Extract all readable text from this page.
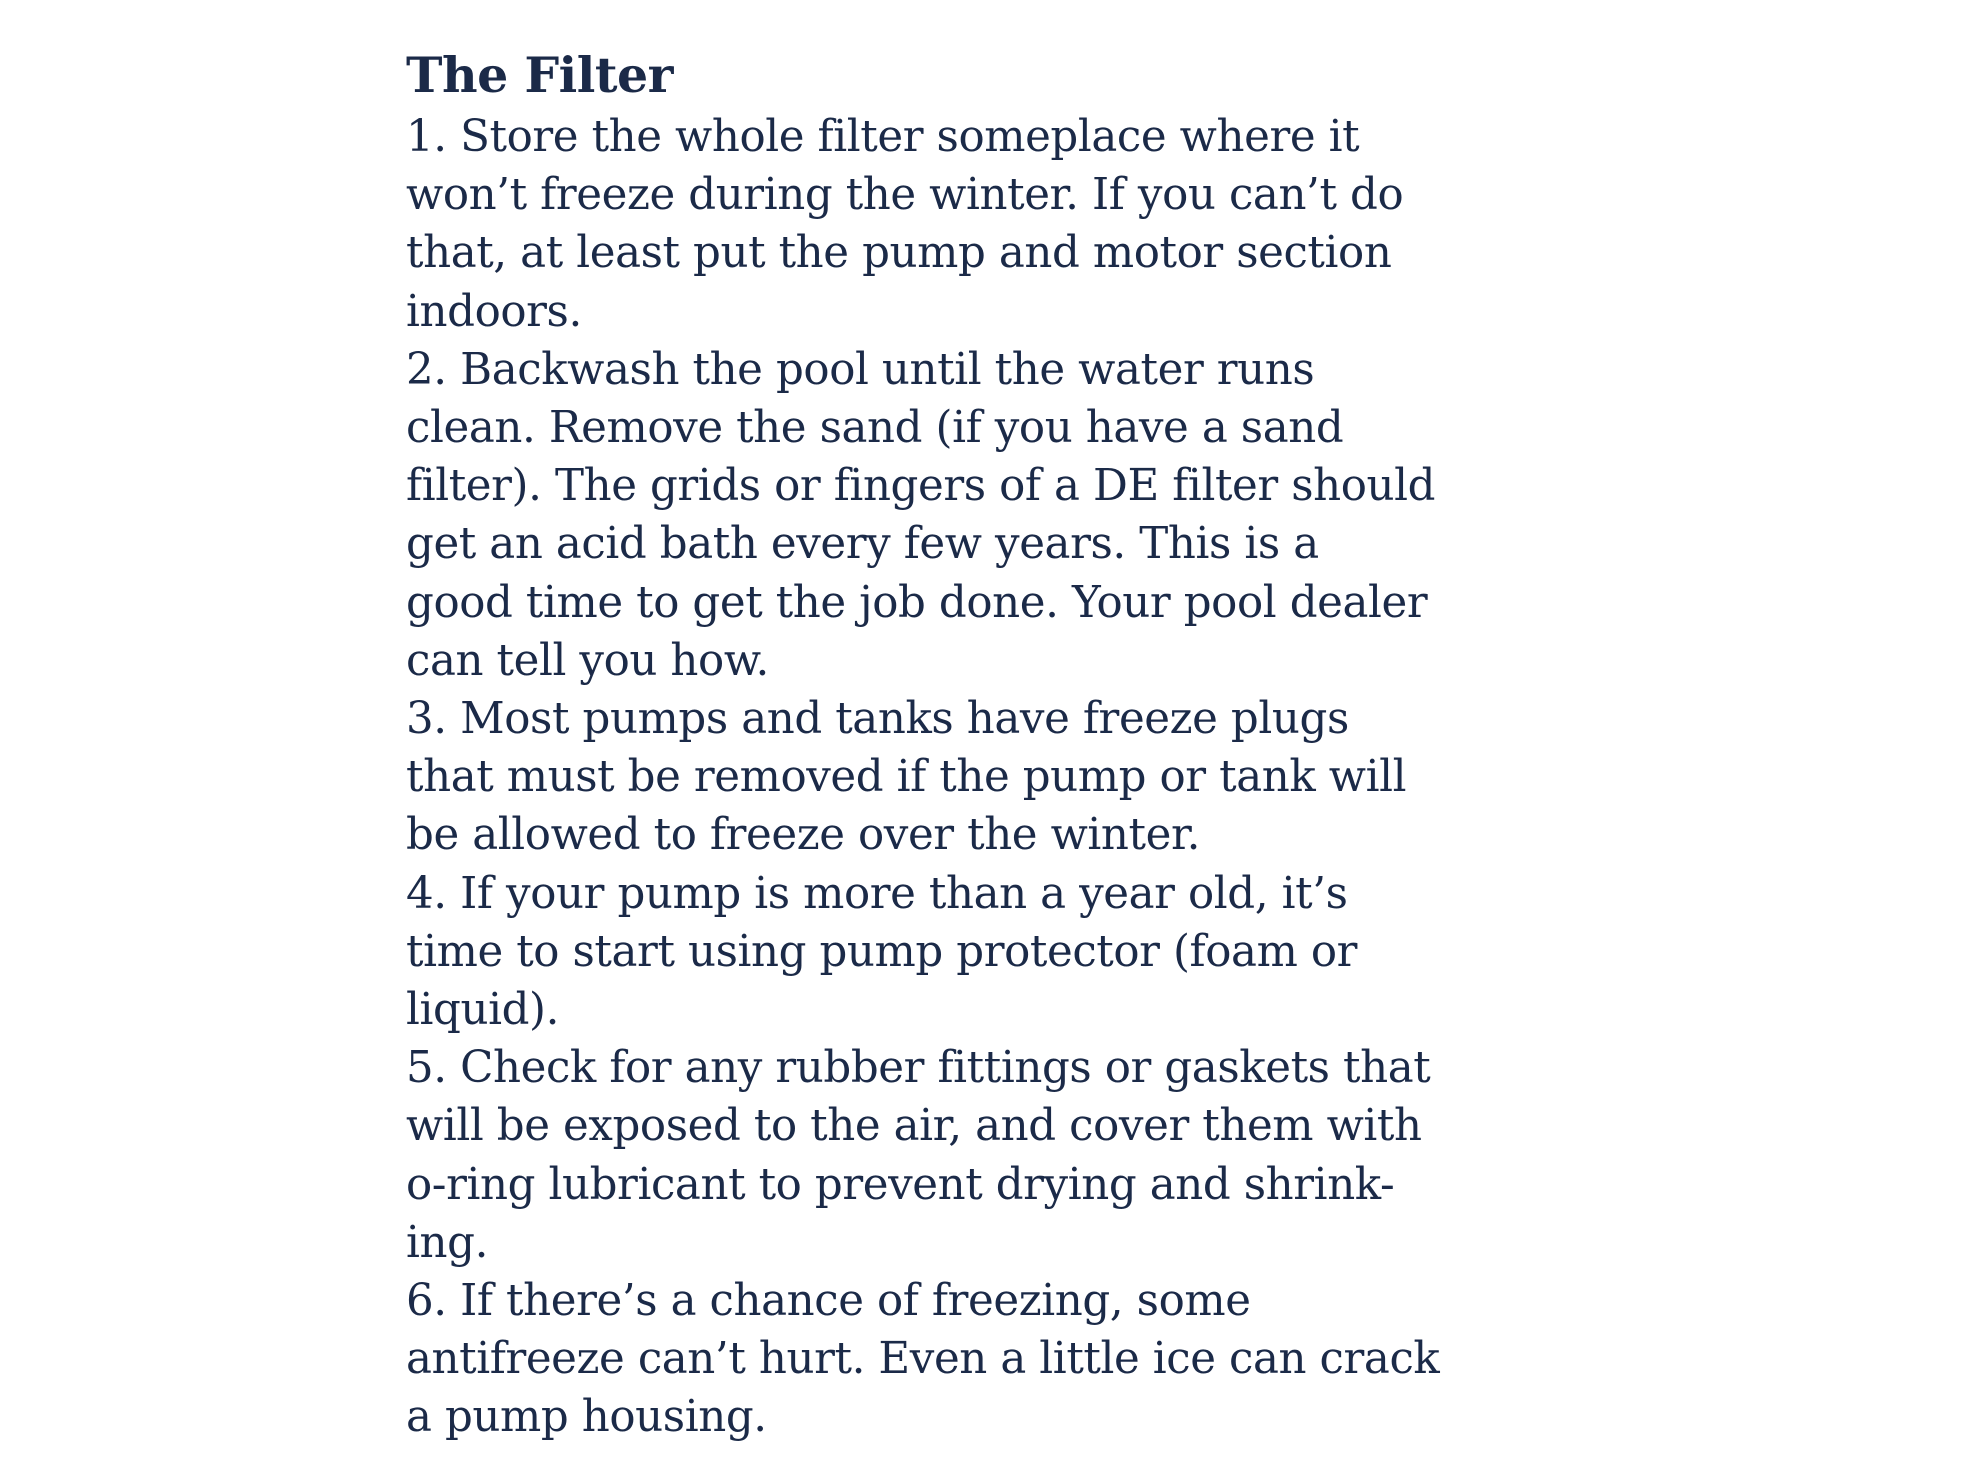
The Filter
1. Store the whole filter someplace where it
won’t freeze during the winter. If you can’t do
that, at least put the pump and motor section
indoors.
2. Backwash the pool until the water runs
clean. Remove the sand (if you have a sand
filter). The grids or fingers of a DE filter should
get an acid bath every few years. This is a
good time to get the job done. Your pool dealer
can tell you how.
3. Most pumps and tanks have freeze plugs
that must be removed if the pump or tank will
be allowed to freeze over the winter.
4. If your pump is more than a year old, it’s
time to start using pump protector (foam or
liquid).
5. Check for any rubber fittings or gaskets that
will be exposed to the air, and cover them with
o-ring lubricant to prevent drying and shrink-
ing.
6. If there’s a chance of freezing, some
antifreeze can’t hurt. Even a little ice can crack
a pump housing.
